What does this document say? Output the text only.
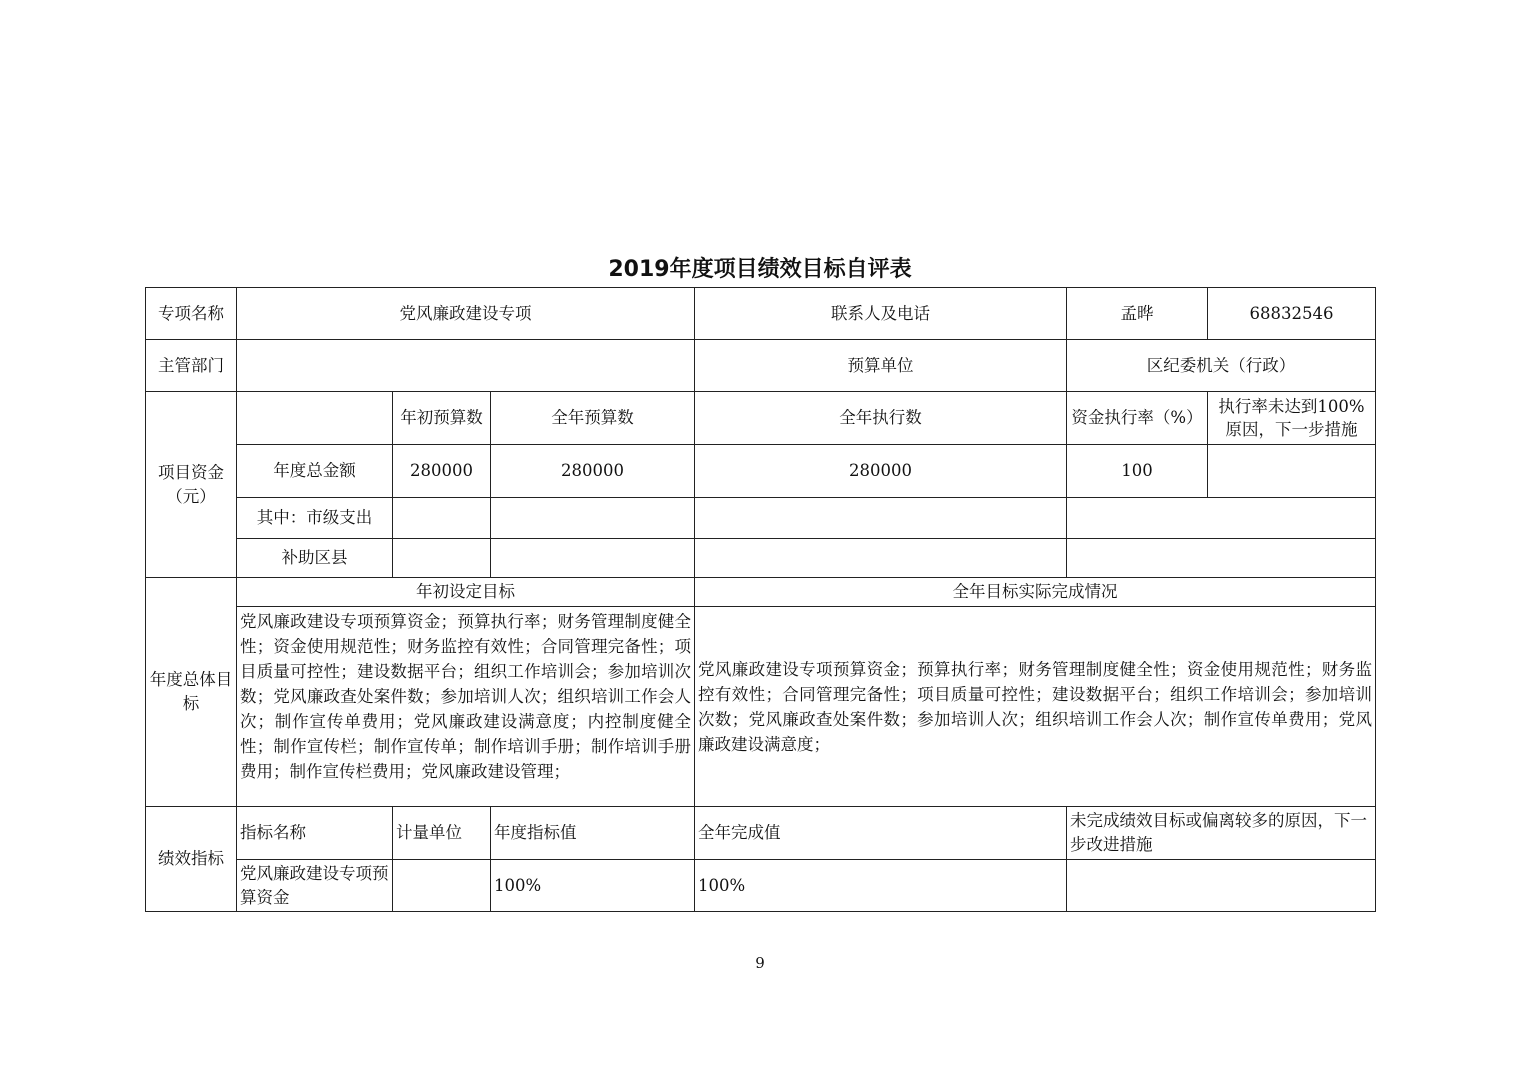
2019年度项目绩效目标自评表
专项名称	党风廉政建设专项			联系人及电话	孟晔	68832546
主管部门				预算单位	区纪委机关（行政）	
项目资金（元）		年初预算数	全年预算数	全年执行数	资金执行率（%）	执行率未达到100%原因，下一步措施
	年度总金额	280000	280000	280000	100	
	其中：市级支出					
	补助区县					
年度总体目标	年初设定目标			全年目标实际完成情况		
	党风廉政建设专项预算资金；预算执行率；财务管理制度健全性；资金使用规范性；财务监控有效性；合同管理完备性；项目质量可控性；建设数据平台；组织工作培训会；参加培训次数；党风廉政查处案件数；参加培训人次；组织培训工作会人次；制作宣传单费用；党风廉政建设满意度；内控制度健全性；制作宣传栏；制作宣传单；制作培训手册；制作培训手册费用；制作宣传栏费用；党风廉政建设管理；			党风廉政建设专项预算资金；预算执行率；财务管理制度健全性；资金使用规范性；财务监控有效性；合同管理完备性；项目质量可控性；建设数据平台；组织工作培训会；参加培训次数；党风廉政查处案件数；参加培训人次；组织培训工作会人次；制作宣传单费用；党风廉政建设满意度；		
绩效指标	指标名称	计量单位	年度指标值	全年完成值	未完成绩效目标或偏离较多的原因，下一步改进措施	
	党风廉政建设专项预算资金		100%	100%		
9
